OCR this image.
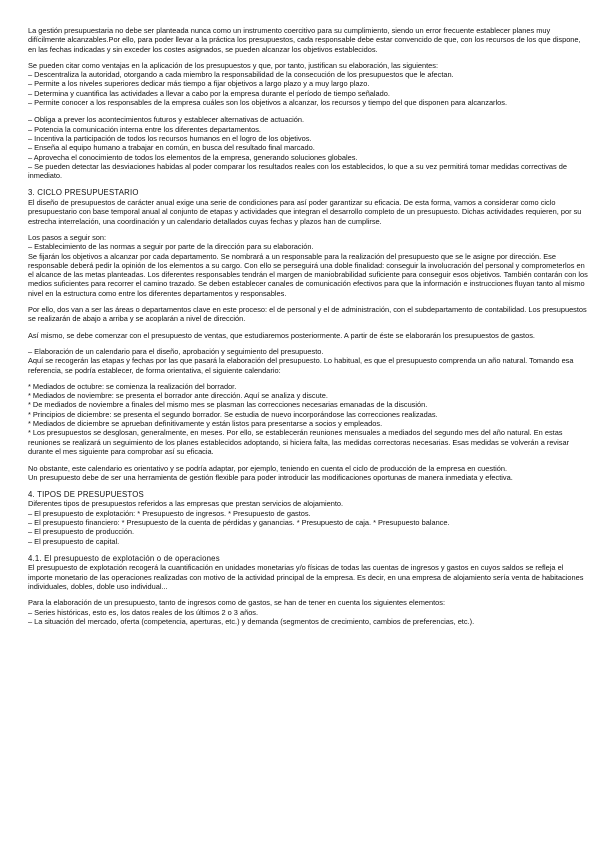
La gestión presupuestaria no debe ser planteada nunca como un instrumento coercitivo para su cumplimiento, siendo un error frecuente establecer planes muy difícilmente alcanzables.Por ello, para poder llevar a la práctica los presupuestos, cada responsable debe estar convencido de que, con los recursos de los que dispone, en las fechas indicadas y sin exceder los costes asignados, se pueden alcanzar los objetivos establecidos.

Se pueden citar como ventajas en la aplicación de los presupuestos y que, por tanto, justifican su elaboración, las siguientes:

– Descentraliza la autoridad, otorgando a cada miembro la responsabilidad de la consecución de los presupuestos que le afectan.
– Permite a los niveles superiores dedicar más tiempo a fijar objetivos a largo plazo y a muy largo plazo.
– Determina y cuantifica las actividades a llevar a cabo por la empresa durante el período de tiempo señalado.
– Permite conocer a los responsables de la empresa cuáles son los objetivos a alcanzar, los recursos y tiempo del que disponen para alcanzarlos.
– Obliga a prever los acontecimientos futuros y establecer alternativas de actuación.
– Potencia la comunicación interna entre los diferentes departamentos.
– Incentiva la participación de todos los recursos humanos en el logro de los objetivos.
– Enseña al equipo humano a trabajar en común, en busca del resultado final marcado.
– Aprovecha el conocimiento de todos los elementos de la empresa, generando soluciones globales.
– Se pueden detectar las desviaciones habidas al poder comparar los resultados reales con los establecidos, lo que a su vez permitirá tomar medidas correctivas de inmediato.
3. CICLO PRESUPUESTARIO

El diseño de presupuestos de carácter anual exige una serie de condiciones para así poder garantizar su eficacia. De esta forma, vamos a considerar como ciclo presupuestario con base temporal anual al conjunto de etapas y actividades que integran el desarrollo completo de un presupuesto. Dichas actividades requieren, por su estrecha interrelación, una coordinación y un calendario detallados cuyas fechas y plazos han de cumplirse.

Los pasos a seguir son:

– Establecimiento de las normas a seguir por parte de la dirección para su elaboración.

Se fijarán los objetivos a alcanzar por cada departamento. Se nombrará a un responsable para la realización del presupuesto que se le asigne por dirección. Ese responsable deberá pedir la opinión de los elementos a su cargo. Con ello se perseguirá una doble finalidad: conseguir la involucración del personal y comprometerlos en el alcance de las metas planteadas. Los diferentes responsables tendrán el margen de maniobrabilidad suficiente para conseguir esos objetivos. También contarán con los medios suficientes para recorrer el camino trazado. Se deben establecer canales de comunicación efectivos para que la información e instrucciones fluyan tanto al mismo nivel en la estructura como entre los diferentes departamentos y responsables.

Por ello, dos van a ser las áreas o departamentos clave en este proceso: el de personal y el de administración, con el subdepartamento de contabilidad. Los presupuestos se realizarán de abajo a arriba y se acoplarán a nivel de dirección.

Así mismo, se debe comenzar con el presupuesto de ventas, que estudiaremos posteriormente. A partir de éste se elaborarán los presupuestos de gastos.

– Elaboración de un calendario para el diseño, aprobación y seguimiento del presupuesto.

Aquí se recogerán las etapas y fechas por las que pasará la elaboración del presupuesto. Lo habitual, es que el presupuesto comprenda un año natural. Tomando esa referencia, se podría establecer, de forma orientativa, el siguiente calendario:

* Mediados de octubre: se comienza la realización del borrador.
* Mediados de noviembre: se presenta el borrador ante dirección. Aquí se analiza y discute.
* De mediados de noviembre a finales del mismo mes se plasman las correcciones necesarias emanadas de la discusión.
* Principios de diciembre: se presenta el segundo borrador. Se estudia de nuevo incorporándose las correcciones realizadas.
* Mediados de diciembre se aprueban definitivamente y están listos para presentarse a socios y empleados.
* Los presupuestos se desglosan, generalmente, en meses. Por ello, se establecerán reuniones mensuales a mediados del segundo mes del año natural. En estas reuniones se realizará un seguimiento de los planes establecidos adoptando, si hiciera falta, las medidas correctoras necesarias. Esas medidas se volverán a revisar durante el mes siguiente para comprobar así su eficacia.

No obstante, este calendario es orientativo y se podría adaptar, por ejemplo, teniendo en cuenta el ciclo de producción de la empresa en cuestión.

Un presupuesto debe de ser una herramienta de gestión flexible para poder introducir las modificaciones oportunas de manera inmediata y efectiva.

4. TIPOS DE PRESUPUESTOS
Diferentes tipos de presupuestos referidos a las empresas que prestan servicios de alojamiento.
– El presupuesto de explotación: * Presupuesto de ingresos. * Presupuesto de gastos.
– El presupuesto financiero: * Presupuesto de la cuenta de pérdidas y ganancias. * Presupuesto de caja. * Presupuesto balance.
– El presupuesto de producción.
– El presupuesto de capital.
4.1. El presupuesto de explotación o de operaciones

El presupuesto de explotación recogerá la cuantificación en unidades monetarias y/o físicas de todas las cuentas de ingresos y gastos en cuyos saldos se refleja el importe monetario de las operaciones realizadas con motivo de la actividad principal de la empresa. Es decir, en una empresa de alojamiento sería venta de habitaciones individuales, dobles, doble uso individual...

Para la elaboración de un presupuesto, tanto de ingresos como de gastos, se han de tener en cuenta los siguientes elementos:

– Series históricas, esto es, los datos reales de los últimos 2 o 3 años.
– La situación del mercado, oferta (competencia, aperturas, etc.) y demanda (segmentos de crecimiento, cambios de preferencias, etc.).
